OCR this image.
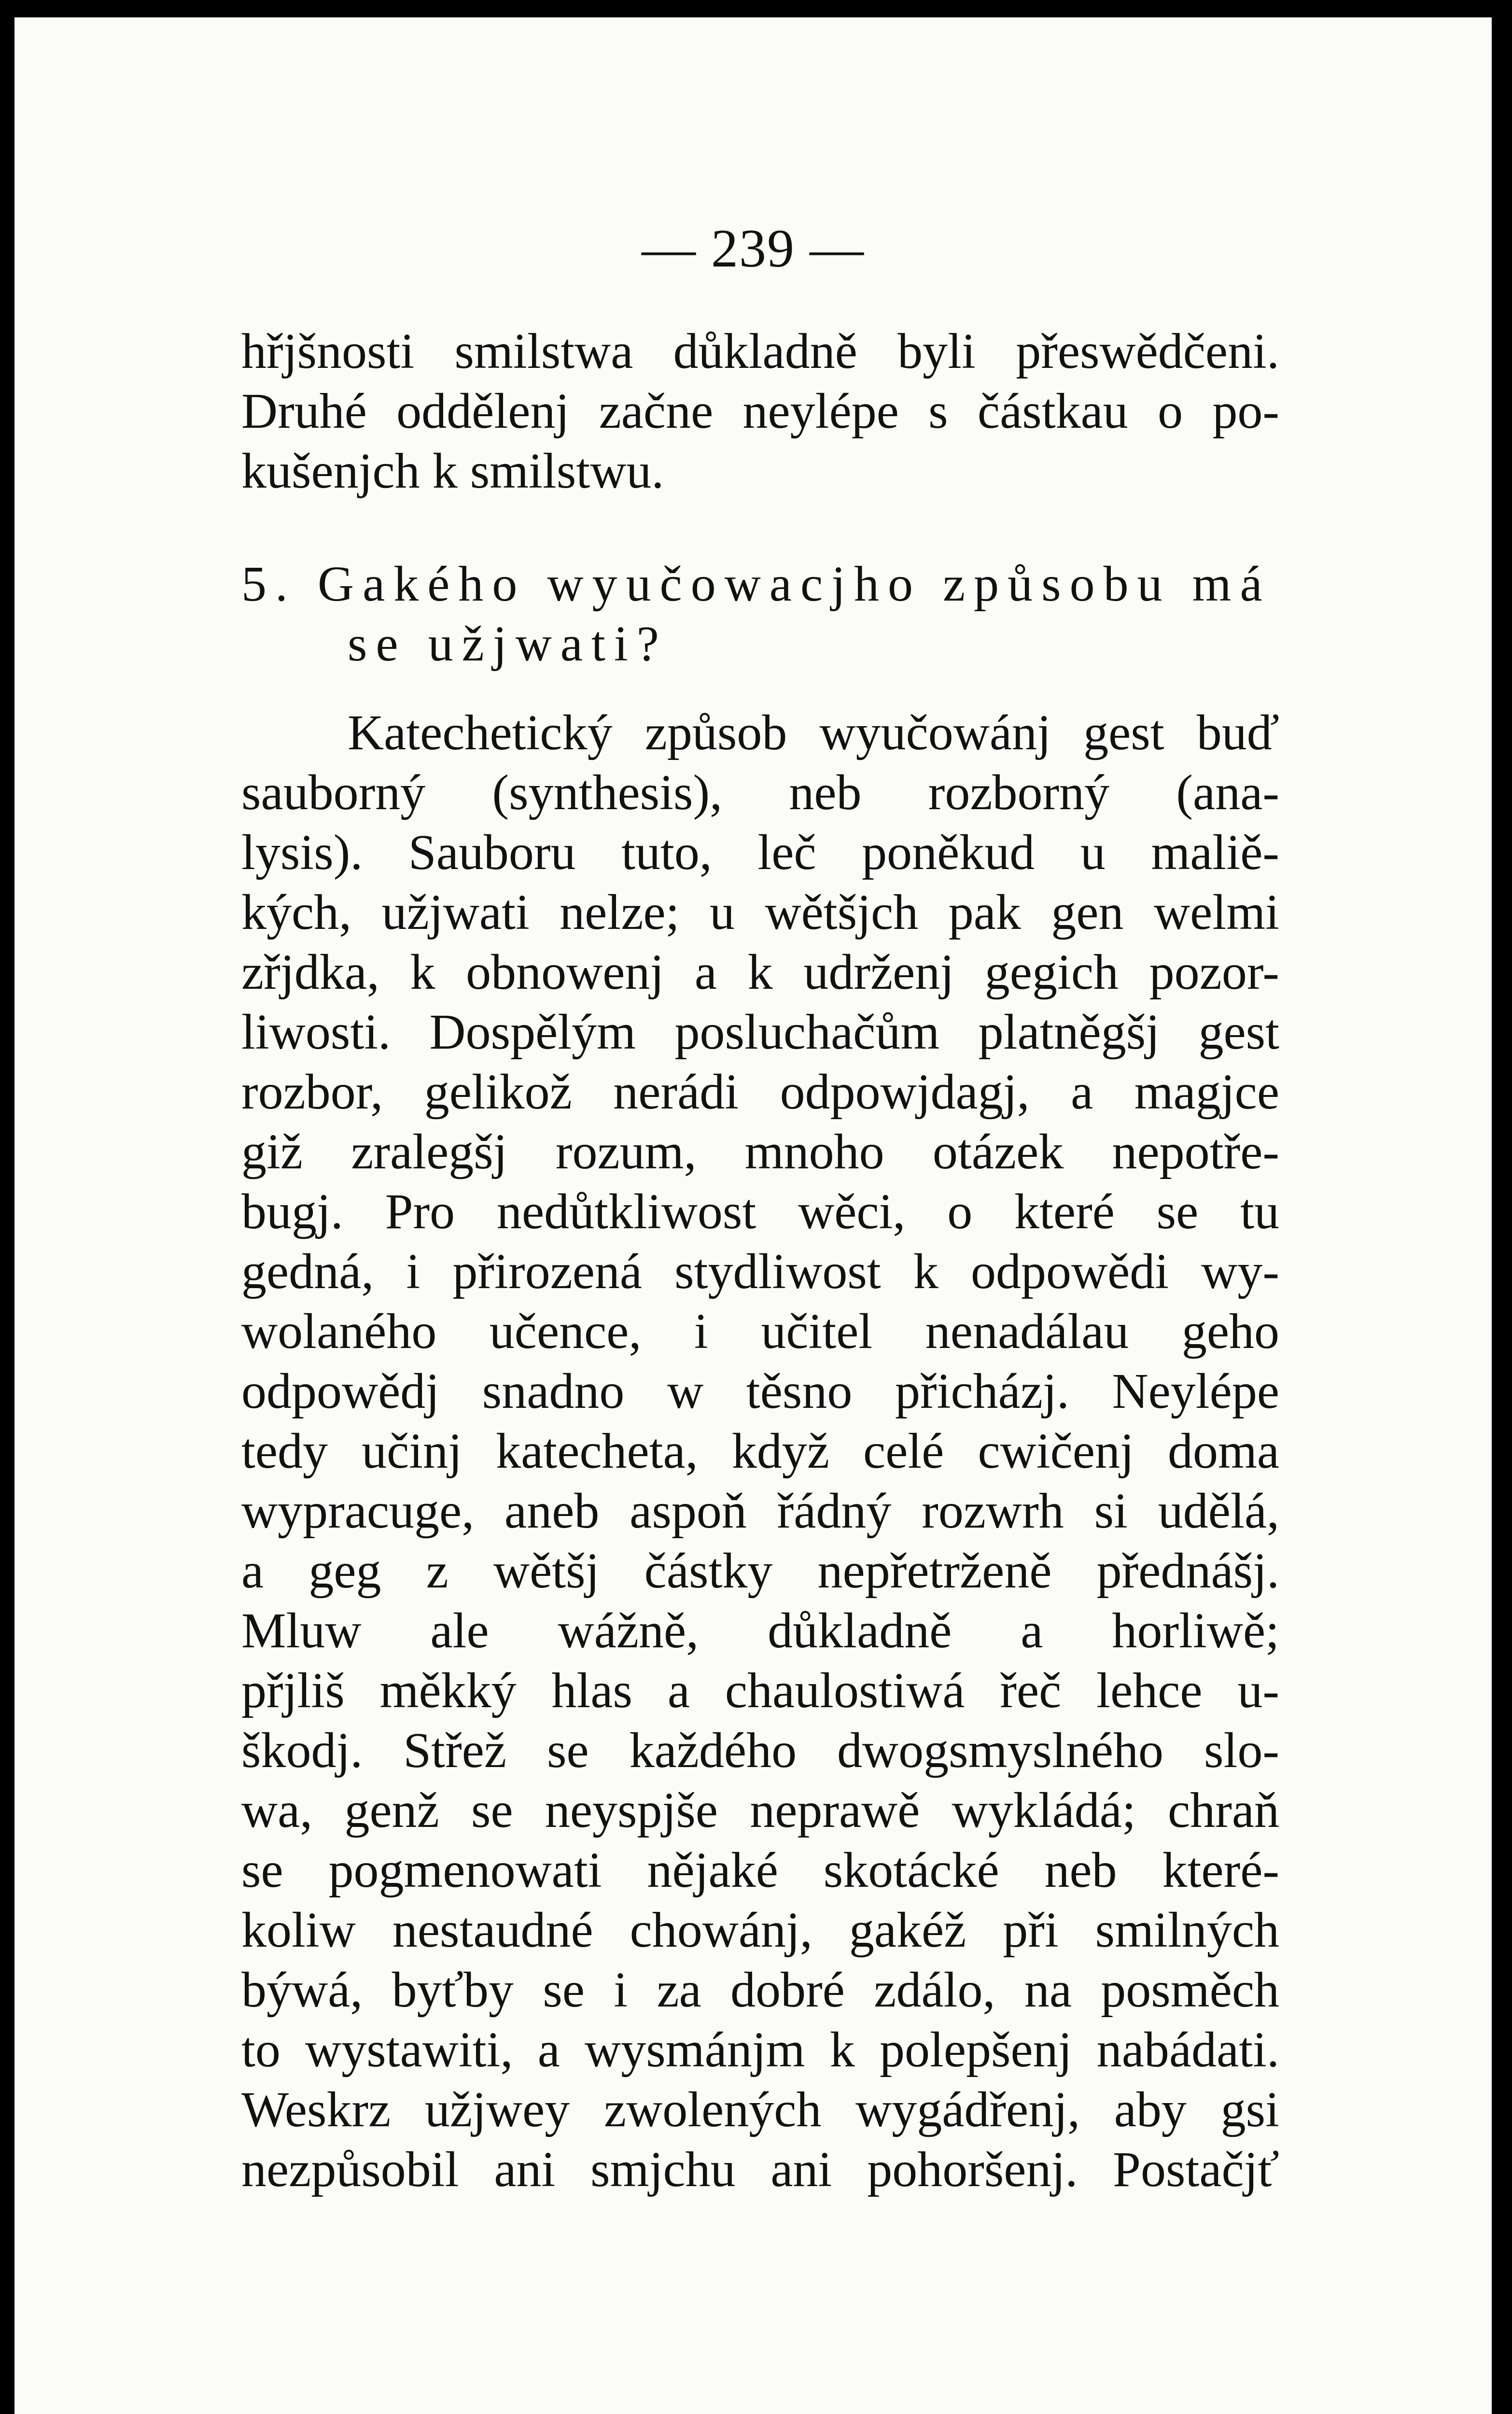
— 239 —
hřjšnosti smilstwa důkladně byli přeswědčeni.
Druhé oddělenj začne neylépe s částkau o po-
kušenjch k smilstwu.
5. Gakého wyučowacjho způsobu má
se užjwati?
Katechetický způsob wyučowánj gest buď
sauborný (synthesis), neb rozborný (ana-
lysis). Sauboru tuto, leč poněkud u maliě-
kých, užjwati nelze; u wětšjch pak gen welmi
zřjdka, k obnowenj a k udrženj gegich pozor-
liwosti. Dospělým posluchačům platněgšj gest
rozbor, gelikož nerádi odpowjdagj, a magjce
giž zralegšj rozum, mnoho otázek nepotře-
bugj. Pro nedůtkliwost wěci, o které se tu
gedná, i přirozená stydliwost k odpowědi wy-
wolaného učence, i učitel nenadálau geho
odpowědj snadno w těsno přicházj. Neylépe
tedy učinj katecheta, když celé cwičenj doma
wypracuge, aneb aspoň řádný rozwrh si udělá,
a geg z wětšj částky nepřetrženě přednášj.
Mluw ale wážně, důkladně a horliwě;
přjliš měkký hlas a chaulostiwá řeč lehce u-
škodj. Střež se každého dwogsmyslného slo-
wa, genž se neyspjše neprawě wykládá; chraň
se pogmenowati nějaké skotácké neb které-
koliw nestaudné chowánj, gakéž při smilných
býwá, byťby se i za dobré zdálo, na posměch
to wystawiti, a wysmánjm k polepšenj nabádati.
Weskrz užjwey zwolených wygádřenj, aby gsi
nezpůsobil ani smjchu ani pohoršenj. Postačjť
